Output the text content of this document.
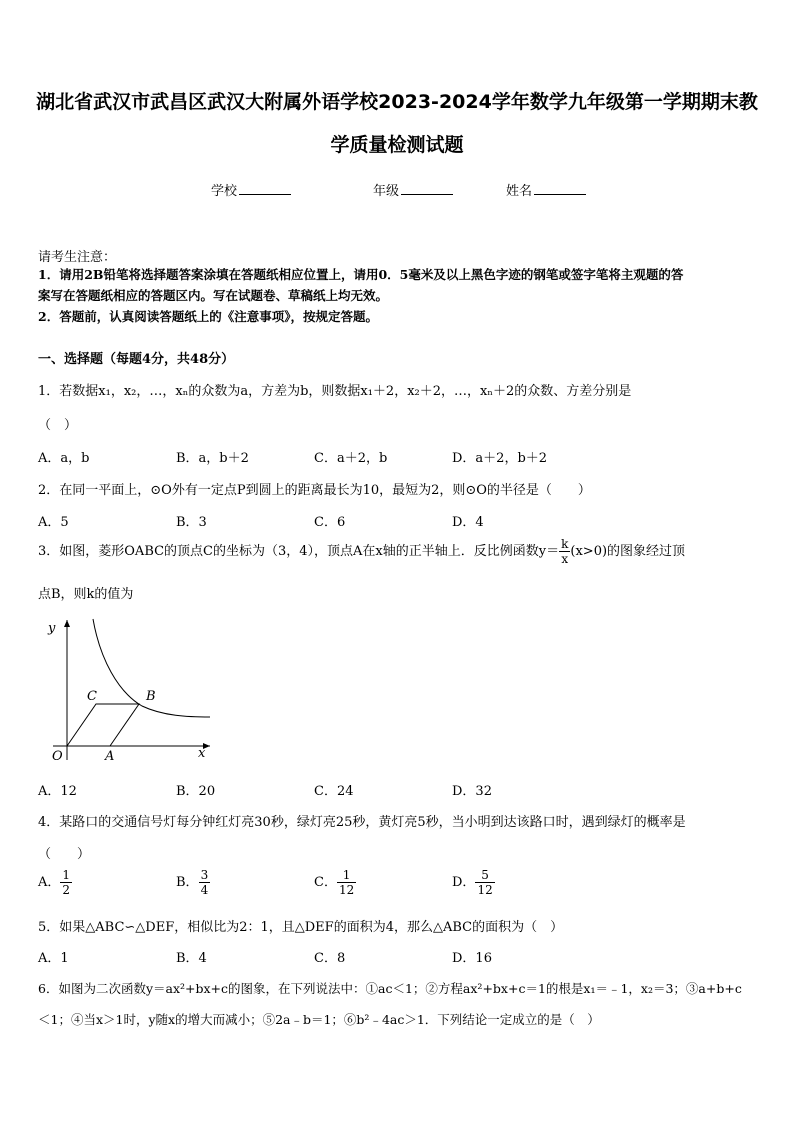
湖北省武汉市武昌区武汉大附属外语学校2023-2024学年数学九年级第一学期期末教
学质量检测试题
学校	年级	姓名
请考生注意：
1．请用2B铅笔将选择题答案涂填在答题纸相应位置上，请用0．5毫米及以上黑色字迹的钢笔或签字笔将主观题的答
案写在答题纸相应的答题区内。写在试题卷、草稿纸上均无效。
2．答题前，认真阅读答题纸上的《注意事项》，按规定答题。
一、选择题（每题4分，共48分）
1．若数据x₁，x₂，…，xₙ的众数为a，方差为b，则数据x₁＋2，x₂＋2，…，xₙ＋2的众数、方差分别是
（　）
A．a，b	B．a，b＋2	C．a＋2，b	D．a＋2，b＋2
2．在同一平面上，⊙O外有一定点P到圆上的距离最长为10，最短为2，则⊙O的半径是（　　）
A．5	B．3	C．6	D．4
3．如图，菱形OABC的顶点C的坐标为（3，4），顶点A在x轴的正半轴上．反比例函数$y= \frac{k}{x} (x>0)$的图象经过顶
点B，则k的值为
y
x
O	A
B
C
A．12	B．20	C．24	D．32
4．某路口的交通信号灯每分钟红灯亮30秒，绿灯亮25秒，黄灯亮5秒，当小明到达该路口时，遇到绿灯的概率是
（　　）
A． $\frac{1}{2}$	B． $\frac{3}{4}$	C． $\frac{1}{12}$	D． $\frac{5}{12}$
5．如果△ABC∽△DEF，相似比为2：1，且△DEF的面积为4，那么△ABC的面积为（　）
A．1	B．4	C．8	D．16
6．如图为二次函数y＝ax²+bx+c的图象，在下列说法中：①ac＜1；②方程ax²+bx+c＝1的根是x₁＝﹣1，x₂＝3；③a+b+c
＜1；④当x＞1时，y随x的增大而减小；⑤2a﹣b＝1；⑥b²﹣4ac＞1．下列结论一定成立的是（　）
